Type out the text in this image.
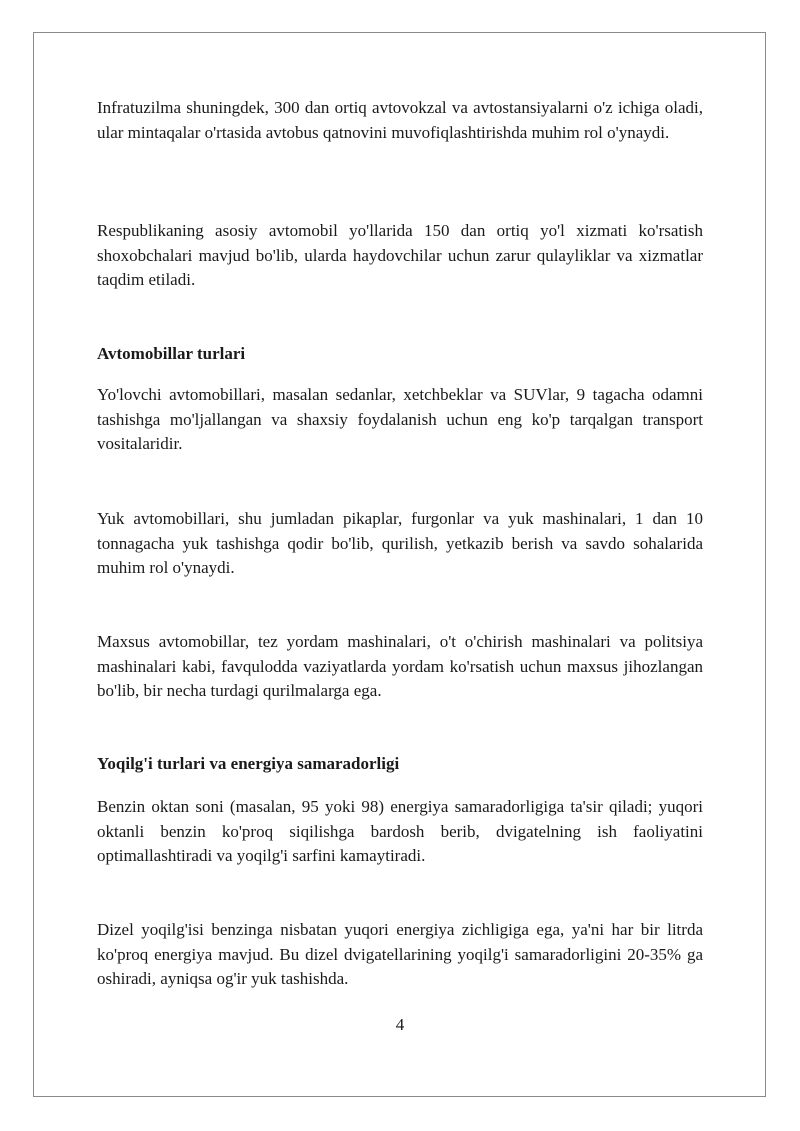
Infratuzilma shuningdek, 300 dan ortiq avtovokzal va avtostansiyalarni o'z ichiga oladi, ular mintaqalar o'rtasida avtobus qatnovini muvofiqlashtirishda muhim rol o'ynaydi.

Respublikaning asosiy avtomobil yo'llarida 150 dan ortiq yo'l xizmati ko'rsatish shoxobchalari mavjud bo'lib, ularda haydovchilar uchun zarur qulayliklar va xizmatlar taqdim etiladi.

Avtomobillar turlari

Yo'lovchi avtomobillari, masalan sedanlar, xetchbeklar va SUVlar, 9 tagacha odamni tashishga mo'ljallangan va shaxsiy foydalanish uchun eng ko'p tarqalgan transport vositalaridir.

Yuk avtomobillari, shu jumladan pikaplar, furgonlar va yuk mashinalari, 1 dan 10 tonnagacha yuk tashishga qodir bo'lib, qurilish, yetkazib berish va savdo sohalarida muhim rol o'ynaydi.

Maxsus avtomobillar, tez yordam mashinalari, o't o'chirish mashinalari va politsiya mashinalari kabi, favqulodda vaziyatlarda yordam ko'rsatish uchun maxsus jihozlangan bo'lib, bir necha turdagi qurilmalarga ega.

Yoqilg'i turlari va energiya samaradorligi

Benzin oktan soni (masalan, 95 yoki 98) energiya samaradorligiga ta'sir qiladi; yuqori oktanli benzin ko'proq siqilishga bardosh berib, dvigatelning ish faoliyatini optimallashtiradi va yoqilg'i sarfini kamaytiradi.

Dizel yoqilg'isi benzinga nisbatan yuqori energiya zichligiga ega, ya'ni har bir litrda ko'proq energiya mavjud. Bu dizel dvigatellarining yoqilg'i samaradorligini 20-35% ga oshiradi, ayniqsa og'ir yuk tashishda.

4
